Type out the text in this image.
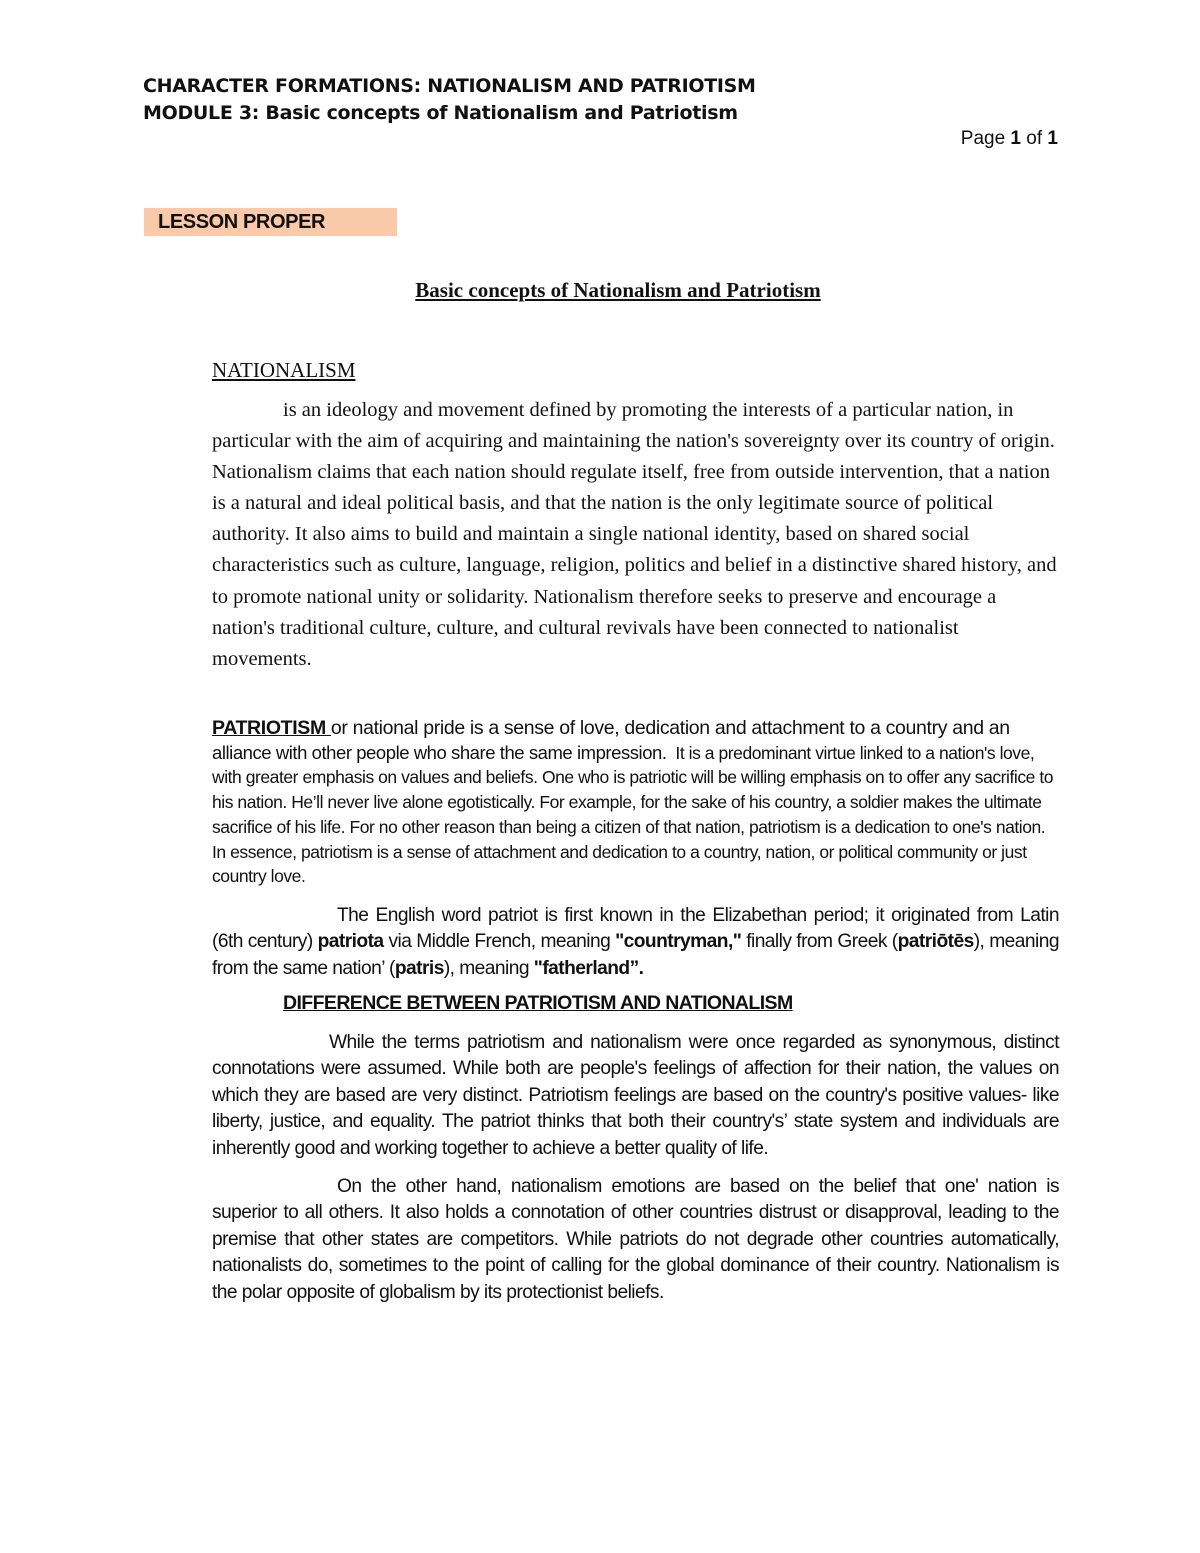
CHARACTER FORMATIONS: NATIONALISM AND PATRIOTISM
MODULE 3: Basic concepts of Nationalism and Patriotism
Page 1 of 1
LESSON PROPER
Basic concepts of Nationalism and Patriotism
NATIONALISM

is an ideology and movement defined by promoting the interests of a particular nation, in particular with the aim of acquiring and maintaining the nation's sovereignty over its country of origin. Nationalism claims that each nation should regulate itself, free from outside intervention, that a nation is a natural and ideal political basis, and that the nation is the only legitimate source of political authority. It also aims to build and maintain a single national identity, based on shared social characteristics such as culture, language, religion, politics and belief in a distinctive shared history, and to promote national unity or solidarity. Nationalism therefore seeks to preserve and encourage a nation's traditional culture, culture, and cultural revivals have been connected to nationalist movements.

PATRIOTISM or national pride is a sense of love, dedication and attachment to a country and an
alliance with other people who share the same impression. It is a predominant virtue linked to a nation's love, with greater emphasis on values and beliefs. One who is patriotic will be willing emphasis on to offer any sacrifice to his nation. He’ll never live alone egotistically. For example, for the sake of his country, a soldier makes the ultimate sacrifice of his life. For no other reason than being a citizen of that nation, patriotism is a dedication to one's nation. In essence, patriotism is a sense of attachment and dedication to a country, nation, or political community or just country love.

The English word patriot is first known in the Elizabethan period; it originated from Latin (6th century) patriota via Middle French, meaning "countryman," finally from Greek (patriōtēs), meaning from the same nation’ (patris), meaning "fatherland”.

DIFFERENCE BETWEEN PATRIOTISM AND NATIONALISM

While the terms patriotism and nationalism were once regarded as synonymous, distinct connotations were assumed. While both are people's feelings of affection for their nation, the values on which they are based are very distinct. Patriotism feelings are based on the country's positive values- like liberty, justice, and equality. The patriot thinks that both their country's’ state system and individuals are inherently good and working together to achieve a better quality of life.

On the other hand, nationalism emotions are based on the belief that one' nation is superior to all others. It also holds a connotation of other countries distrust or disapproval, leading to the premise that other states are competitors. While patriots do not degrade other countries automatically, nationalists do, sometimes to the point of calling for the global dominance of their country. Nationalism is the polar opposite of globalism by its protectionist beliefs.
